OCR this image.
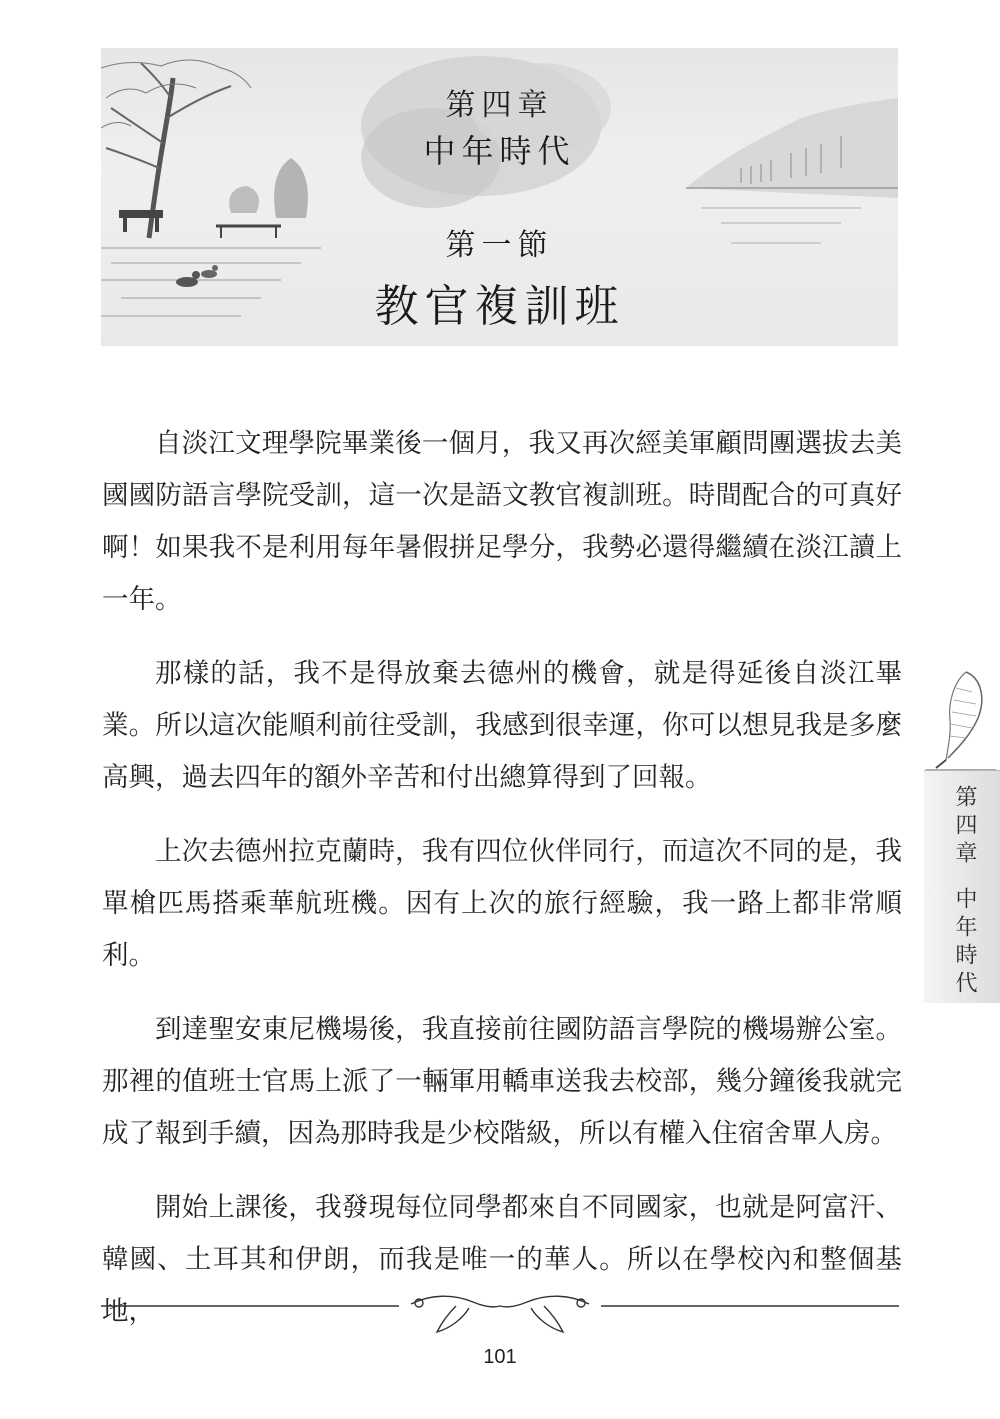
第四章
中年時代
第一節
教官複訓班

自淡江文理學院畢業後一個月，我又再次經美軍顧問團選拔去美國國防語言學院受訓，這一次是語文教官複訓班。時間配合的可真好啊！如果我不是利用每年暑假拼足學分，我勢必還得繼續在淡江讀上一年。

那樣的話，我不是得放棄去德州的機會，就是得延後自淡江畢業。所以這次能順利前往受訓，我感到很幸運，你可以想見我是多麼高興，過去四年的額外辛苦和付出總算得到了回報。

上次去德州拉克蘭時，我有四位伙伴同行，而這次不同的是，我單槍匹馬搭乘華航班機。因有上次的旅行經驗，我一路上都非常順利。

到達聖安東尼機場後，我直接前往國防語言學院的機場辦公室。那裡的值班士官馬上派了一輛軍用轎車送我去校部，幾分鐘後我就完成了報到手續，因為那時我是少校階級，所以有權入住宿舍單人房。

開始上課後，我發現每位同學都來自不同國家，也就是阿富汗、韓國、土耳其和伊朗，而我是唯一的華人。所以在學校內和整個基地，

第四章
中年時代
101
